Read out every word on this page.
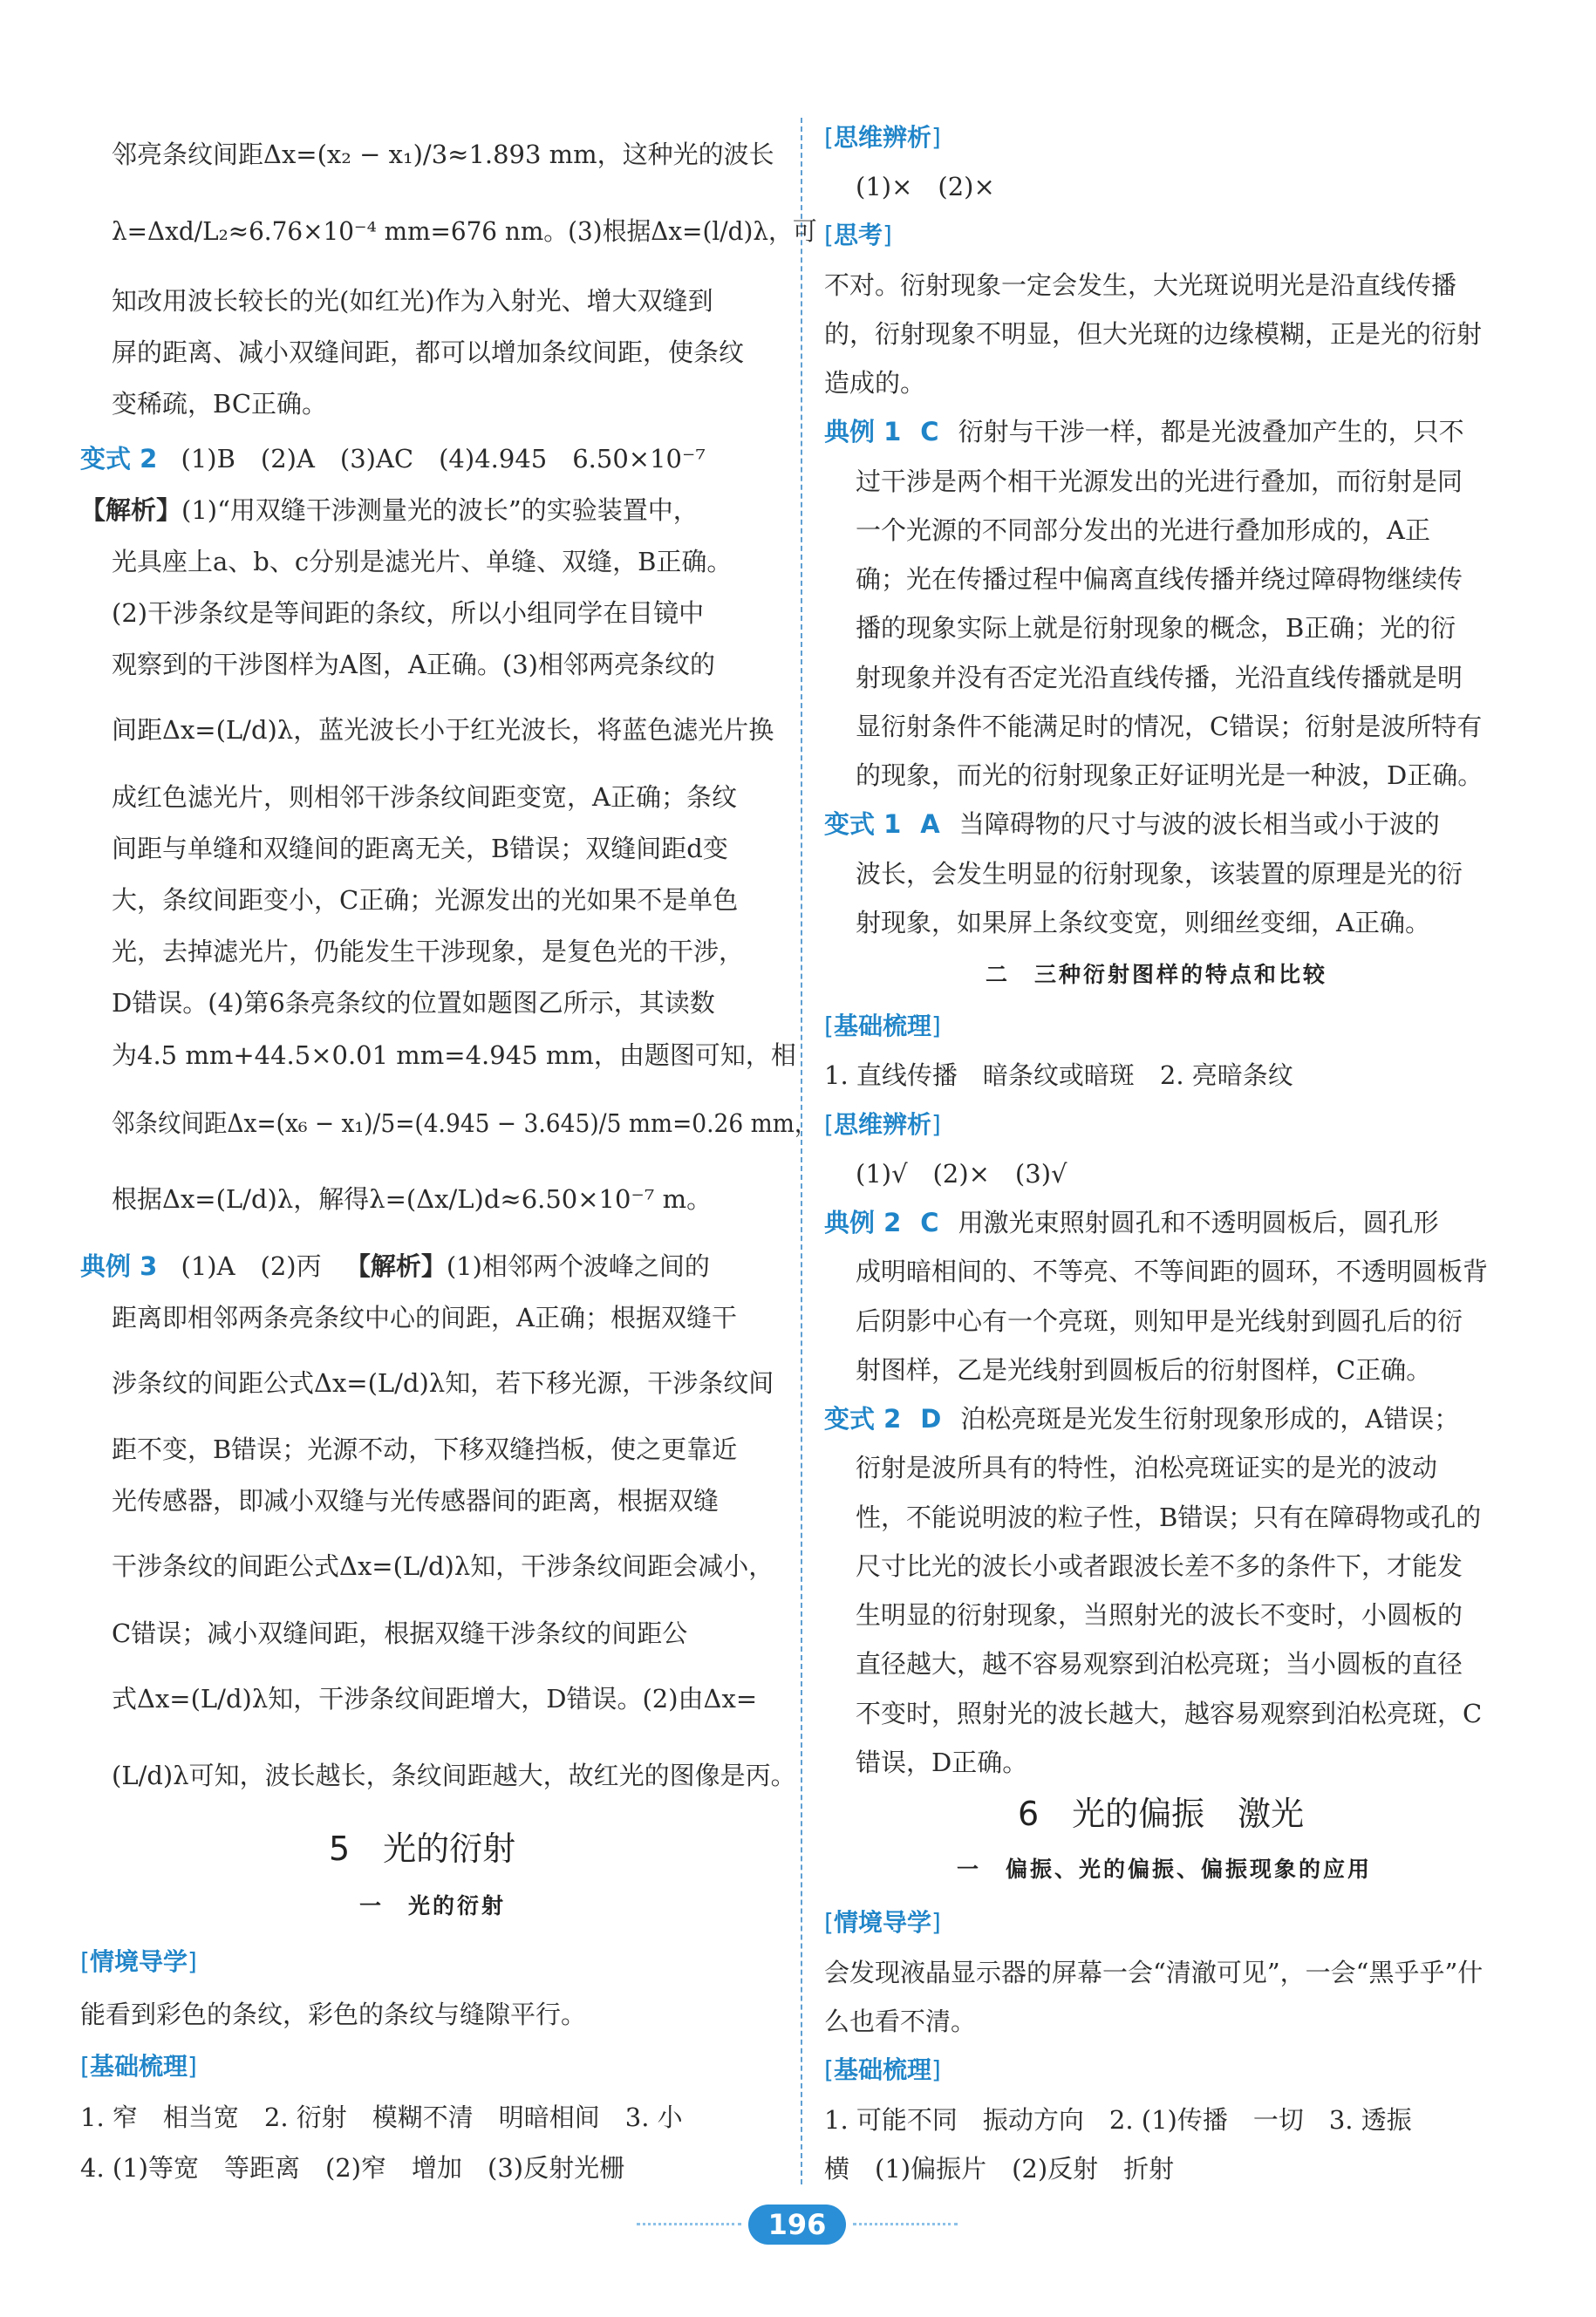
邻亮条纹间距Δx=(x₂ − x₁)/3≈1.893 mm，这种光的波长
λ=Δxd/L₂≈6.76×10⁻⁴ mm=676 nm。(3)根据Δx=(l/d)λ，可
知改用波长较长的光(如红光)作为入射光、增大双缝到
屏的距离、减小双缝间距，都可以增加条纹间距，使条纹
变稀疏，BC正确。
变式 2 (1)B　(2)A　(3)AC　(4)4.945　6.50×10⁻⁷
【解析】(1)“用双缝干涉测量光的波长”的实验装置中，
光具座上a、b、c分别是滤光片、单缝、双缝，B正确。
(2)干涉条纹是等间距的条纹，所以小组同学在目镜中
观察到的干涉图样为A图，A正确。(3)相邻两亮条纹的
间距Δx=(L/d)λ，蓝光波长小于红光波长，将蓝色滤光片换
成红色滤光片，则相邻干涉条纹间距变宽，A正确；条纹
间距与单缝和双缝间的距离无关，B错误；双缝间距d变
大，条纹间距变小，C正确；光源发出的光如果不是单色
光，去掉滤光片，仍能发生干涉现象，是复色光的干涉，
D错误。(4)第6条亮条纹的位置如题图乙所示，其读数
为4.5 mm+44.5×0.01 mm=4.945 mm，由题图可知，相
邻条纹间距Δx=(x₆ − x₁)/5=(4.945 − 3.645)/5 mm=0.26 mm，
根据Δx=(L/d)λ，解得λ=(Δx/L)d≈6.50×10⁻⁷ m。
典例 3 (1)A　(2)丙 【解析】(1)相邻两个波峰之间的
距离即相邻两条亮条纹中心的间距，A正确；根据双缝干
涉条纹的间距公式Δx=(L/d)λ知，若下移光源，干涉条纹间
距不变，B错误；光源不动，下移双缝挡板，使之更靠近
光传感器，即减小双缝与光传感器间的距离，根据双缝
干涉条纹的间距公式Δx=(L/d)λ知，干涉条纹间距会减小，
C错误；减小双缝间距，根据双缝干涉条纹的间距公
式Δx=(L/d)λ知，干涉条纹间距增大，D错误。(2)由Δx=
(L/d)λ可知，波长越长，条纹间距越大，故红光的图像是丙。
5　光的衍射
一　光的衍射
[情境导学]
能看到彩色的条纹，彩色的条纹与缝隙平行。
[基础梳理]
1. 窄　相当宽　2. 衍射　模糊不清　明暗相间　3. 小
4. (1)等宽　等距离　(2)窄　增加　(3)反射光栅
[思维辨析]
(1)×　(2)×
[思考]
不对。衍射现象一定会发生，大光斑说明光是沿直线传播
的，衍射现象不明显，但大光斑的边缘模糊，正是光的衍射
造成的。
典例 1 C 衍射与干涉一样，都是光波叠加产生的，只不
过干涉是两个相干光源发出的光进行叠加，而衍射是同
一个光源的不同部分发出的光进行叠加形成的，A正
确；光在传播过程中偏离直线传播并绕过障碍物继续传
播的现象实际上就是衍射现象的概念，B正确；光的衍
射现象并没有否定光沿直线传播，光沿直线传播就是明
显衍射条件不能满足时的情况，C错误；衍射是波所特有
的现象，而光的衍射现象正好证明光是一种波，D正确。
变式 1 A 当障碍物的尺寸与波的波长相当或小于波的
波长，会发生明显的衍射现象，该装置的原理是光的衍
射现象，如果屏上条纹变宽，则细丝变细，A正确。
二　三种衍射图样的特点和比较
[基础梳理]
1. 直线传播　暗条纹或暗斑　2. 亮暗条纹
[思维辨析]
(1)√　(2)×　(3)√
典例 2 C 用激光束照射圆孔和不透明圆板后，圆孔形
成明暗相间的、不等亮、不等间距的圆环，不透明圆板背
后阴影中心有一个亮斑，则知甲是光线射到圆孔后的衍
射图样，乙是光线射到圆板后的衍射图样，C正确。
变式 2 D 泊松亮斑是光发生衍射现象形成的，A错误；
衍射是波所具有的特性，泊松亮斑证实的是光的波动
性，不能说明波的粒子性，B错误；只有在障碍物或孔的
尺寸比光的波长小或者跟波长差不多的条件下，才能发
生明显的衍射现象，当照射光的波长不变时，小圆板的
直径越大，越不容易观察到泊松亮斑；当小圆板的直径
不变时，照射光的波长越大，越容易观察到泊松亮斑，C
错误，D正确。
6　光的偏振　激光
一　偏振、光的偏振、偏振现象的应用
[情境导学]
会发现液晶显示器的屏幕一会“清澈可见”，一会“黑乎乎”什
么也看不清。
[基础梳理]
1. 可能不同　振动方向　2. (1)传播　一切　3. 透振
横　(1)偏振片　(2)反射　折射
196
